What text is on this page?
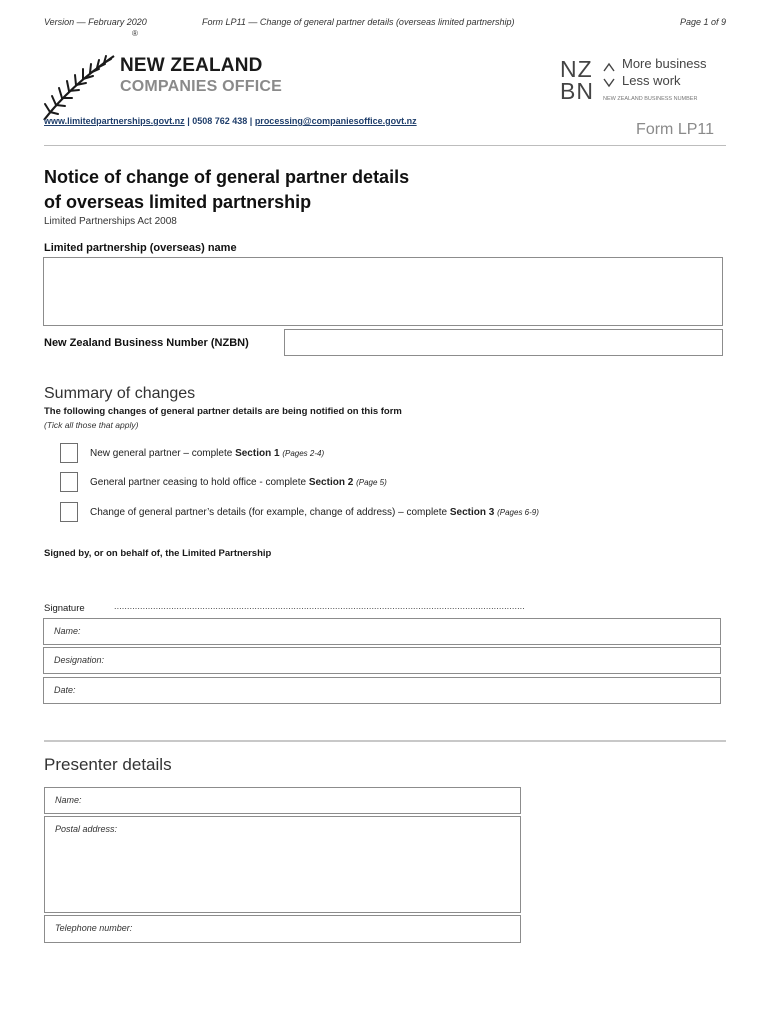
Version — February 2020	Form LP11 — Change of general partner details (overseas limited partnership)	Page 1 of 9
®
NEW ZEALAND
COMPANIES OFFICE
NZ
BN
More business
Less work
NEW ZEALAND BUSINESS NUMBER
www.limitedpartnerships.govt.nz | 0508 762 438 | processing@companiesoffice.govt.nz	Form LP11
Notice of change of general partner details
of overseas limited partnership
Limited Partnerships Act 2008
Limited partnership (overseas) name
New Zealand Business Number (NZBN)
Summary of changes
The following changes of general partner details are being notified on this form
(Tick all those that apply)
New general partner – complete Section 1 (Pages 2-4)
General partner ceasing to hold office - complete Section 2 (Page 5)
Change of general partner’s details (for example, change of address) – complete Section 3 (Pages 6-9)
Signed by, or on behalf of, the Limited Partnership
Signature	..............................................................................................................................................................
Name:
Designation:
Date:
Presenter details
Name:
Postal address:
Telephone number:
